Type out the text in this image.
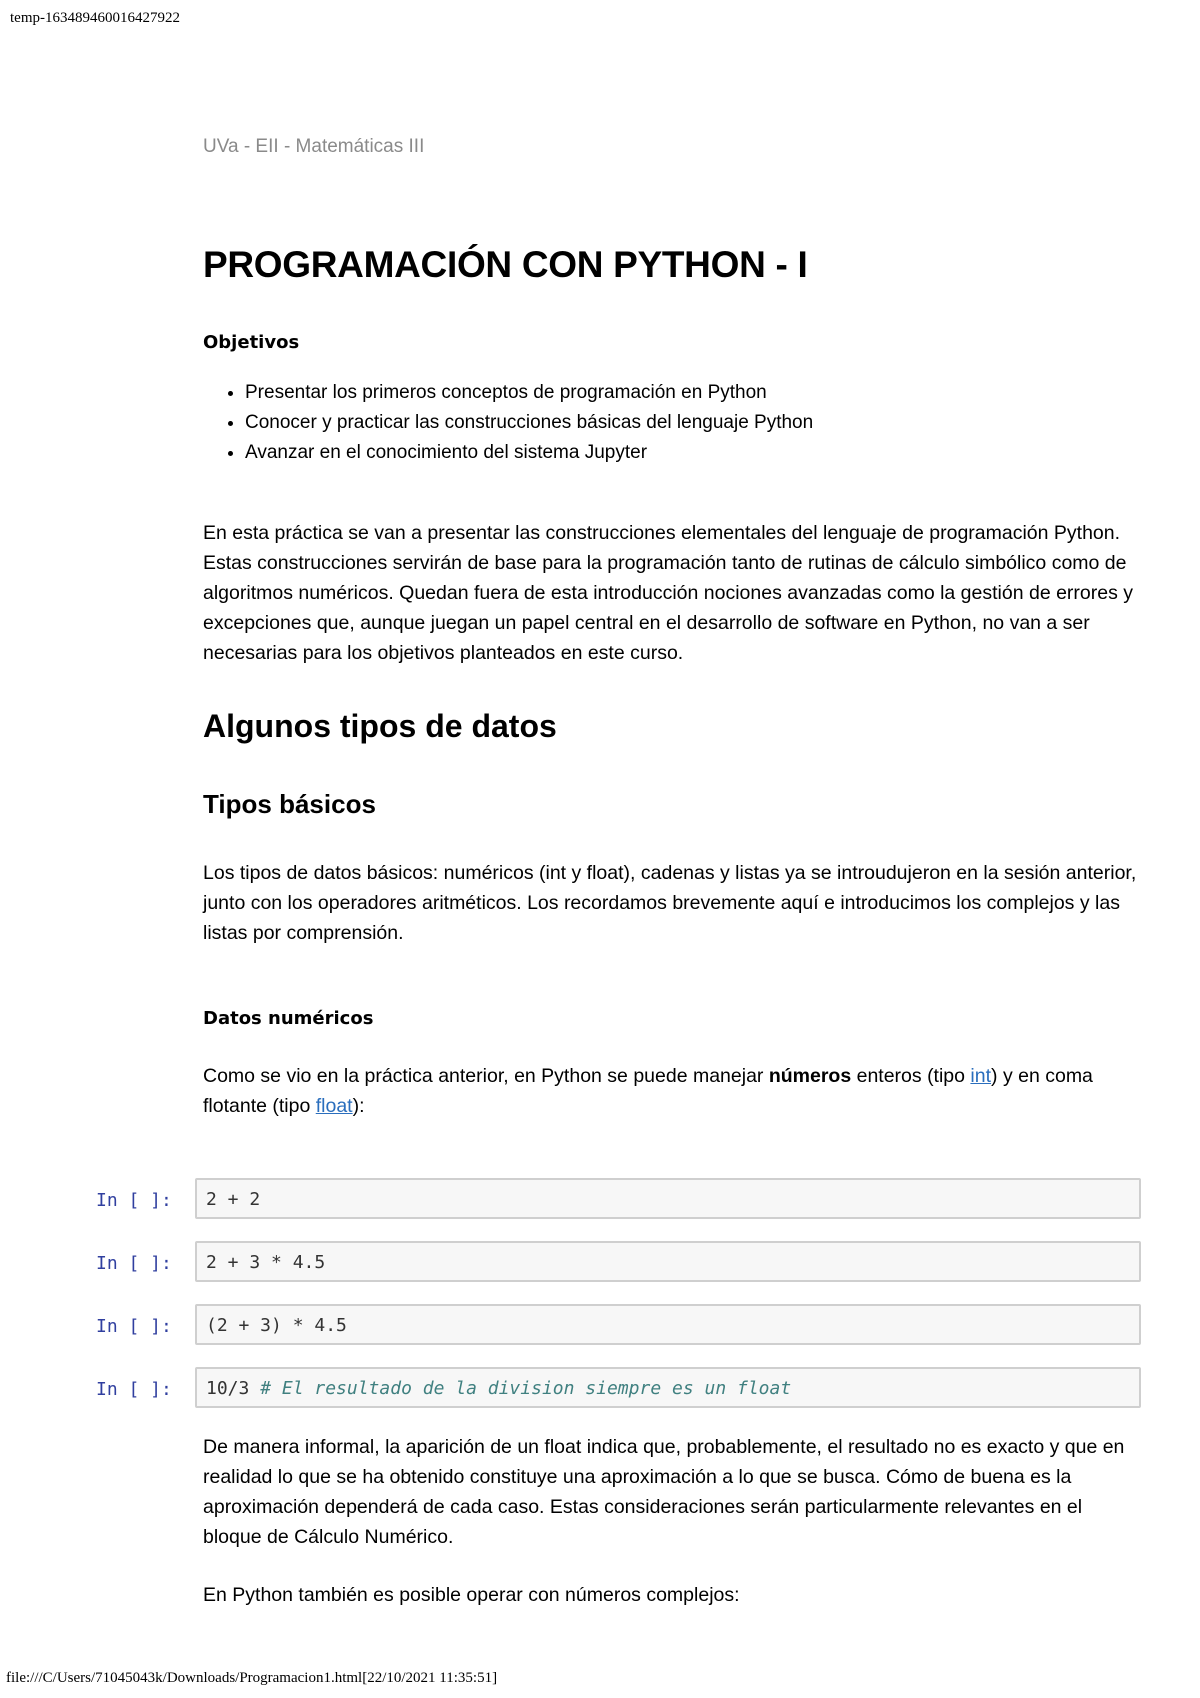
temp-163489460016427922

UVa - EII - Matemáticas III

PROGRAMACIÓN CON PYTHON - I
Objetivos
• Presentar los primeros conceptos de programación en Python
• Conocer y practicar las construcciones básicas del lenguaje Python
• Avanzar en el conocimiento del sistema Jupyter

En esta práctica se van a presentar las construcciones elementales del lenguaje de programación Python. Estas construcciones servirán de base para la programación tanto de rutinas de cálculo simbólico como de algoritmos numéricos. Quedan fuera de esta introducción nociones avanzadas como la gestión de errores y excepciones que, aunque juegan un papel central en el desarrollo de software en Python, no van a ser necesarias para los objetivos planteados en este curso.

Algunos tipos de datos
Tipos básicos

Los tipos de datos básicos: numéricos (int y float), cadenas y listas ya se introudujeron en la sesión anterior, junto con los operadores aritméticos. Los recordamos brevemente aquí e introducimos los complejos y las listas por comprensión.

Datos numéricos

Como se vio en la práctica anterior, en Python se puede manejar números enteros (tipo int) y en coma flotante (tipo float):

In [ ]:	2 + 2
In [ ]:	2 + 3 * 4.5
In [ ]:	(2 + 3) * 4.5
In [ ]:	10/3 # El resultado de la division siempre es un float

De manera informal, la aparición de un float indica que, probablemente, el resultado no es exacto y que en realidad lo que se ha obtenido constituye una aproximación a lo que se busca. Cómo de buena es la aproximación dependerá de cada caso. Estas consideraciones serán particularmente relevantes en el bloque de Cálculo Numérico.

En Python también es posible operar con números complejos:

file:///C/Users/71045043k/Downloads/Programacion1.html[22/10/2021 11:35:51]
